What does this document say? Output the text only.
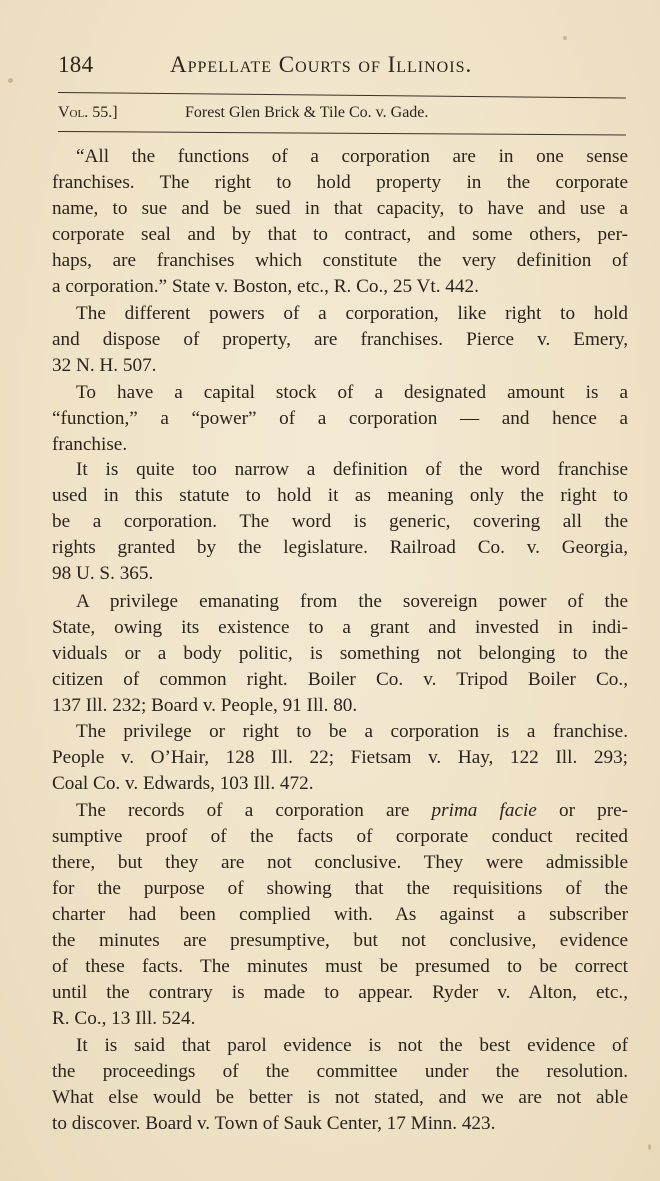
184	Appellate Courts of Illinois.
Vol. 55.]	Forest Glen Brick & Tile Co. v. Gade.
“All the functions of a corporation are in one sense
franchises. The right to hold property in the corporate
name, to sue and be sued in that capacity, to have and use a
corporate seal and by that to contract, and some others, per-
haps, are franchises which constitute the very definition of
a corporation.” State v. Boston, etc., R. Co., 25 Vt. 442.
The different powers of a corporation, like right to hold
and dispose of property, are franchises. Pierce v. Emery,
32 N. H. 507.
To have a capital stock of a designated amount is a
“function,” a “power” of a corporation — and hence a
franchise.
It is quite too narrow a definition of the word franchise
used in this statute to hold it as meaning only the right to
be a corporation. The word is generic, covering all the
rights granted by the legislature. Railroad Co. v. Georgia,
98 U. S. 365.
A privilege emanating from the sovereign power of the
State, owing its existence to a grant and invested in indi-
viduals or a body politic, is something not belonging to the
citizen of common right. Boiler Co. v. Tripod Boiler Co.,
137 Ill. 232; Board v. People, 91 Ill. 80.
The privilege or right to be a corporation is a franchise.
People v. O’Hair, 128 Ill. 22; Fietsam v. Hay, 122 Ill. 293;
Coal Co. v. Edwards, 103 Ill. 472.
The records of a corporation are prima facie or pre-
sumptive proof of the facts of corporate conduct recited
there, but they are not conclusive. They were admissible
for the purpose of showing that the requisitions of the
charter had been complied with. As against a subscriber
the minutes are presumptive, but not conclusive, evidence
of these facts. The minutes must be presumed to be correct
until the contrary is made to appear. Ryder v. Alton, etc.,
R. Co., 13 Ill. 524.
It is said that parol evidence is not the best evidence of
the proceedings of the committee under the resolution.
What else would be better is not stated, and we are not able
to discover. Board v. Town of Sauk Center, 17 Minn. 423.
